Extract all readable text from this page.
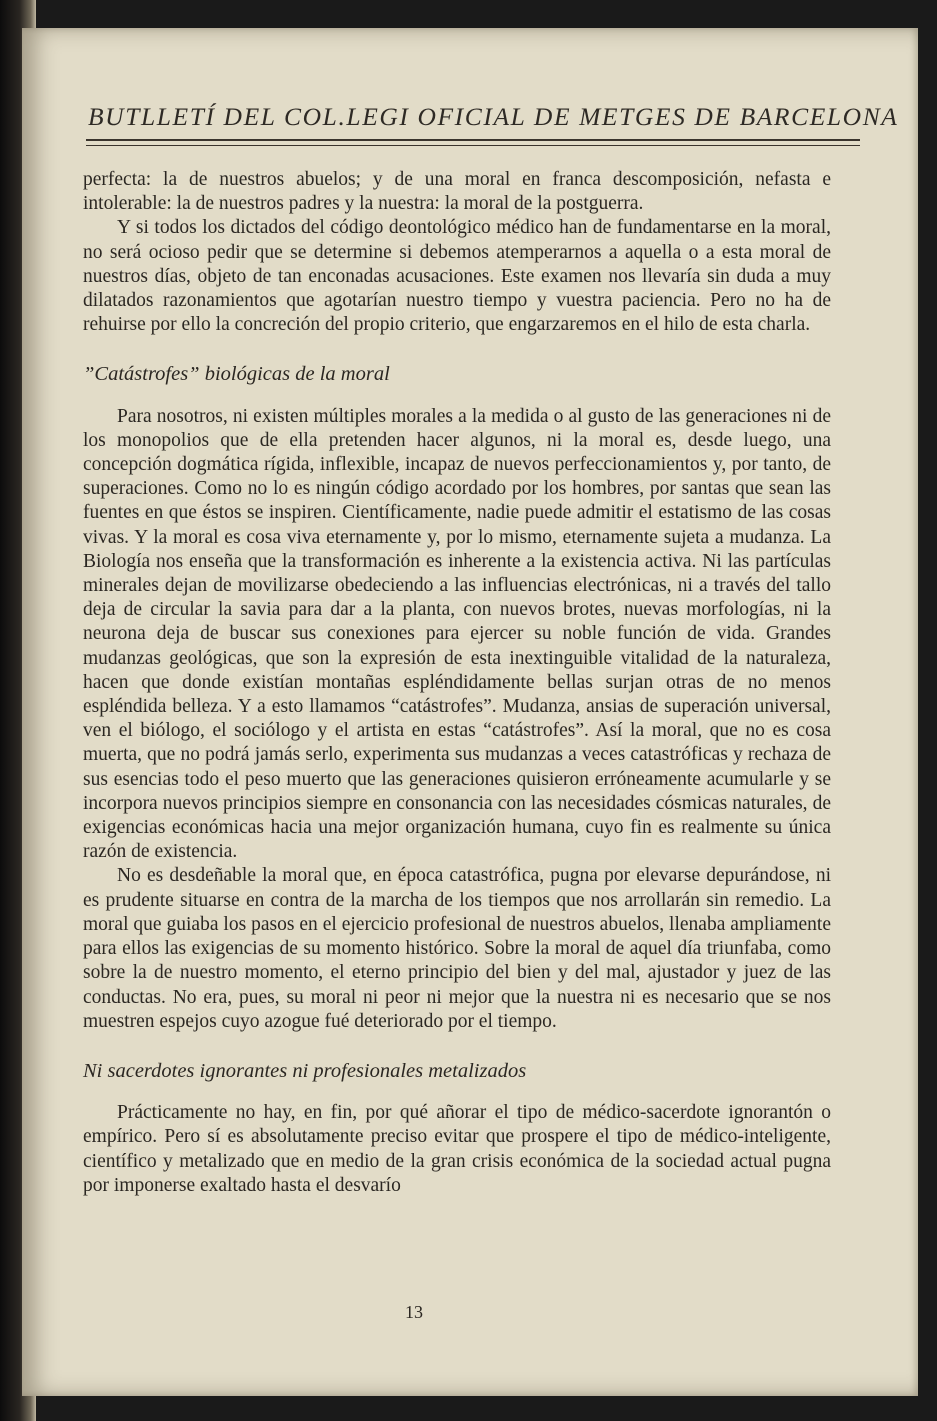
BUTLLETÍ DEL COL.LEGI OFICIAL DE METGES DE BARCELONA

perfecta: la de nuestros abuelos; y de una moral en franca descomposición, nefasta e intolerable: la de nuestros padres y la nuestra: la moral de la postguerra.

Y si todos los dictados del código deontológico médico han de fundamentarse en la moral, no será ocioso pedir que se determine si debemos atemperarnos a aquella o a esta moral de nuestros días, objeto de tan enconadas acusaciones. Este examen nos llevaría sin duda a muy dilatados razonamientos que agotarían nuestro tiempo y vuestra paciencia. Pero no ha de rehuirse por ello la concreción del propio criterio, que engarzaremos en el hilo de esta charla.

”Catástrofes” biológicas de la moral

Para nosotros, ni existen múltiples morales a la medida o al gusto de las generaciones ni de los monopolios que de ella pretenden hacer algunos, ni la moral es, desde luego, una concepción dogmática rígida, inflexible, incapaz de nuevos perfeccionamientos y, por tanto, de superaciones. Como no lo es ningún código acordado por los hombres, por santas que sean las fuentes en que éstos se inspiren. Científicamente, nadie puede admitir el estatismo de las cosas vivas. Y la moral es cosa viva eternamente y, por lo mismo, eternamente sujeta a mudanza. La Biología nos enseña que la transformación es inherente a la existencia activa. Ni las partículas minerales dejan de movilizarse obedeciendo a las influencias electrónicas, ni a través del tallo deja de circular la savia para dar a la planta, con nuevos brotes, nuevas morfologías, ni la neurona deja de buscar sus conexiones para ejercer su noble función de vida. Grandes mudanzas geológicas, que son la expresión de esta inextinguible vitalidad de la naturaleza, hacen que donde existían montañas espléndidamente bellas surjan otras de no menos espléndida belleza. Y a esto llamamos “catástrofes”. Mudanza, ansias de superación universal, ven el biólogo, el sociólogo y el artista en estas “catástrofes”. Así la moral, que no es cosa muerta, que no podrá jamás serlo, experimenta sus mudanzas a veces catastróficas y rechaza de sus esencias todo el peso muerto que las generaciones quisieron erróneamente acumularle y se incorpora nuevos principios siempre en consonancia con las necesidades cósmicas naturales, de exigencias económicas hacia una mejor organización humana, cuyo fin es realmente su única razón de existencia.

No es desdeñable la moral que, en época catastrófica, pugna por elevarse depurándose, ni es prudente situarse en contra de la marcha de los tiempos que nos arrollarán sin remedio. La moral que guiaba los pasos en el ejercicio profesional de nuestros abuelos, llenaba ampliamente para ellos las exigencias de su momento histórico. Sobre la moral de aquel día triunfaba, como sobre la de nuestro momento, el eterno principio del bien y del mal, ajustador y juez de las conductas. No era, pues, su moral ni peor ni mejor que la nuestra ni es necesario que se nos muestren espejos cuyo azogue fué deteriorado por el tiempo.

Ni sacerdotes ignorantes ni profesionales metalizados

Prácticamente no hay, en fin, por qué añorar el tipo de médico-sacerdote ignorantón o empírico. Pero sí es absolutamente preciso evitar que prospere el tipo de médico-inteligente, científico y metalizado que en medio de la gran crisis económica de la sociedad actual pugna por imponerse exaltado hasta el desvarío

13
